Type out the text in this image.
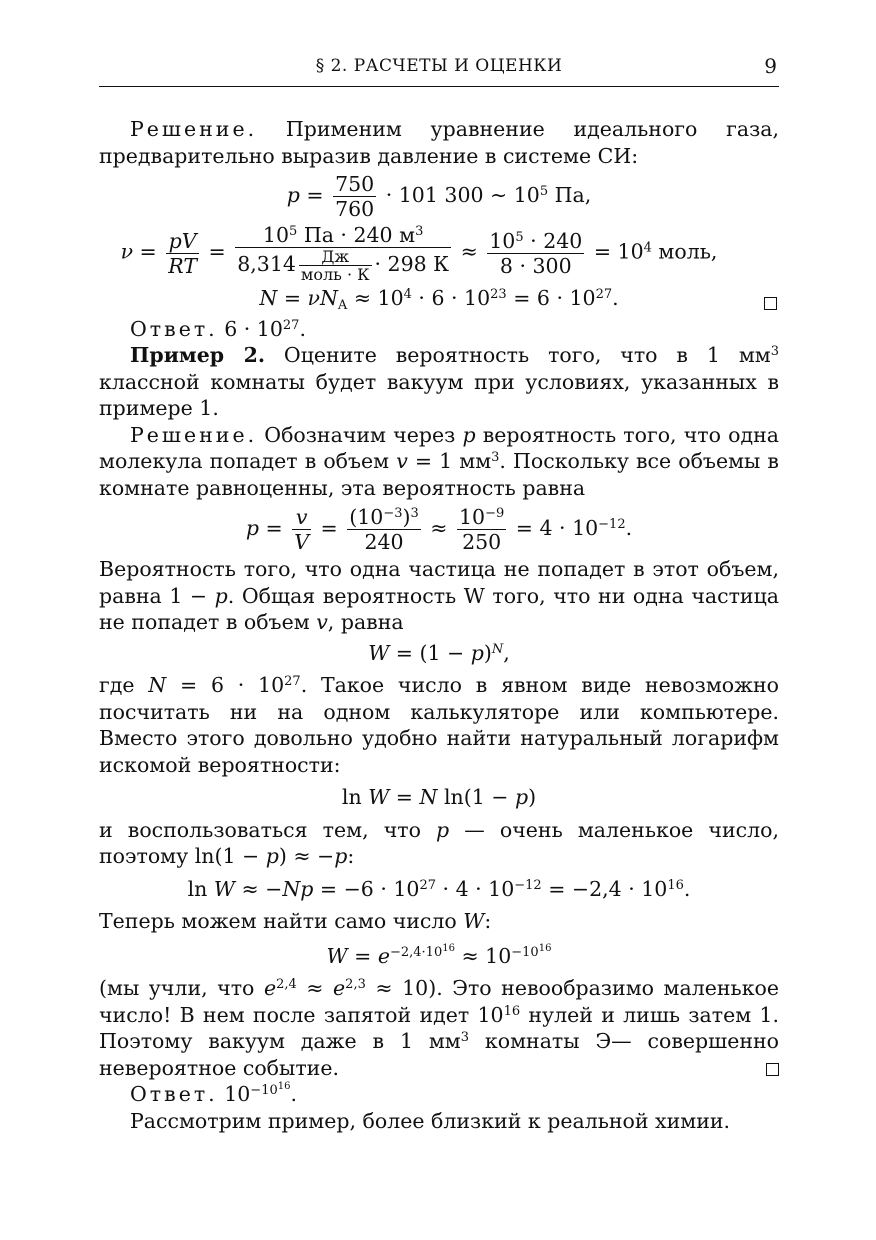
§ 2. РАСЧЕТЫ И ОЦЕНКИ	9

Решение. Применим уравнение идеального газа, предварительно выразив давление в системе СИ:

$p = \frac{750}{760} \cdot 101$ 300 ∼ $10^5$ Па,
$\nu = \frac{pV}{RT} = \frac{10^5 Па \cdot 240 м^3}{8,314 \frac{Дж}{\text{моль · К}} \cdot 298 К} \approx \frac{10^5 \cdot 240}{8 \cdot 300} = 10^4$ моль,
$N = \nu N_A \approx 10^4 \cdot 6 \cdot 10^{23} = 6 \cdot 10^{27}$.

Ответ. $6 \cdot 10^{27}$.

Пример 2. Оцените вероятность того, что в 1 $мм^3$ классной комнаты будет вакуум при условиях, указанных в примере 1.

Решение. Обозначим через p вероятность того, что одна молекула попадет в объем v = 1 $мм^3$. Поскольку все объемы в комнате равноценны, эта вероятность равна

$p = \frac{v}{V} = \frac{(10^{-3})^3}{240} \approx \frac{10^{-9}}{250} = 4 \cdot 10^{-12}$.

Вероятность того, что одна частица не попадет в этот объем, равна 1 − p. Общая вероятность W того, что ни одна частица не попадет в объем v, равна

$W = (1 - p)^N$,

где $N = 6 \cdot 10^{27}$. Такое число в явном виде невозможно посчитать ни на одном калькуляторе или компьютере. Вместо этого довольно удобно найти натуральный логарифм искомой вероятности:

ln W = N ln(1 − p)

и воспользоваться тем, что p — очень маленькое число, поэтому ln(1 − p) ≈ −p:

$\ln W \approx -Np = -6 \cdot 10^{27} \cdot 4 \cdot 10^{-12} = -2,4 \cdot 10^{16}$.

Теперь можем найти само число W:

$W = e^{-2,4\cdot 10^{16}} \approx 10^{-10^{16}}$

(мы учли, что $e^{2,4} \approx e^{2,3} \approx 10$). Это невообразимо маленькое число! В нем после запятой идет $10^{16}$ нулей и лишь затем 1. Поэтому вакуум даже в 1 $мм^3$ комнаты Э— совершенно невероятное событие.

Ответ. $10^{-10^{16}}$.

Рассмотрим пример, более близкий к реальной химии.
